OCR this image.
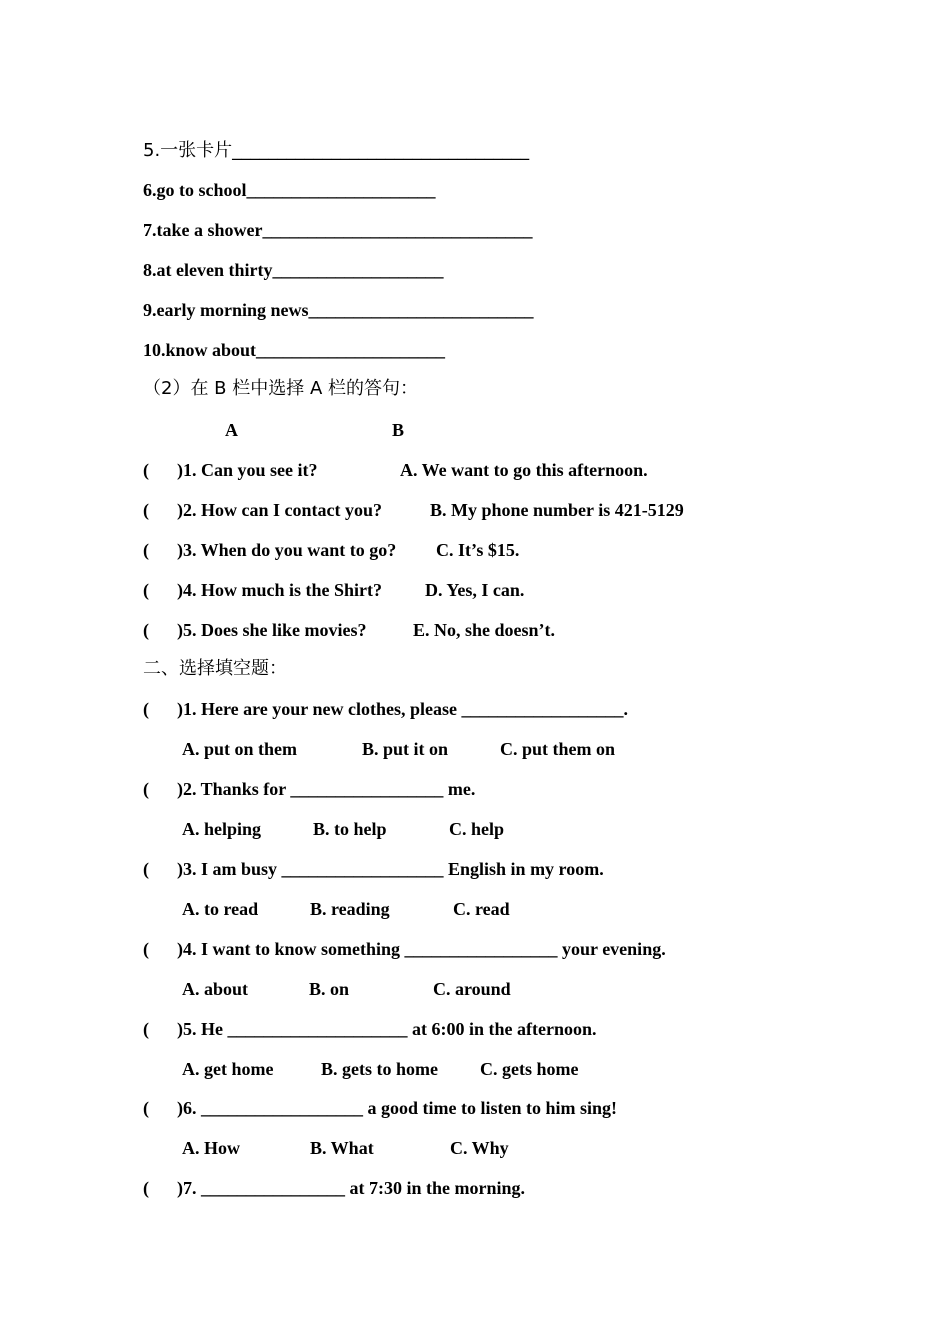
5.一张卡片_________________________________
6.go to school_____________________
7.take a shower______________________________
8.at eleven thirty___________________
9.early morning news_________________________
10.know about_____________________
（2）在 B 栏中选择 A 栏的答句：
A	B
( )1. Can you see it?	A. We want to go this afternoon.
( )2. How can I contact you?	B. My phone number is 421-5129
( )3. When do you want to go? C. It’s $15.
( )4. How much is the Shirt? D. Yes, I can.
( )5. Does she like movies?	E. No, she doesn’t.
二、选择填空题：
( )1. Here are your new clothes, please __________________.
A. put on them	B. put it on	C. put them on
( )2. Thanks for _________________ me.
A. helping	B. to help	C. help
( )3. I am busy __________________ English in my room.
A. to read	B. reading	C. read
( )4. I want to know something _________________ your evening.
A. about	B. on	C. around
( )5. He ____________________ at 6:00 in the afternoon.
A. get home	B. gets to home C. gets home
( )6. __________________ a good time to listen to him sing!
A. How	B. What	C. Why
( )7. ________________ at 7:30 in the morning.
